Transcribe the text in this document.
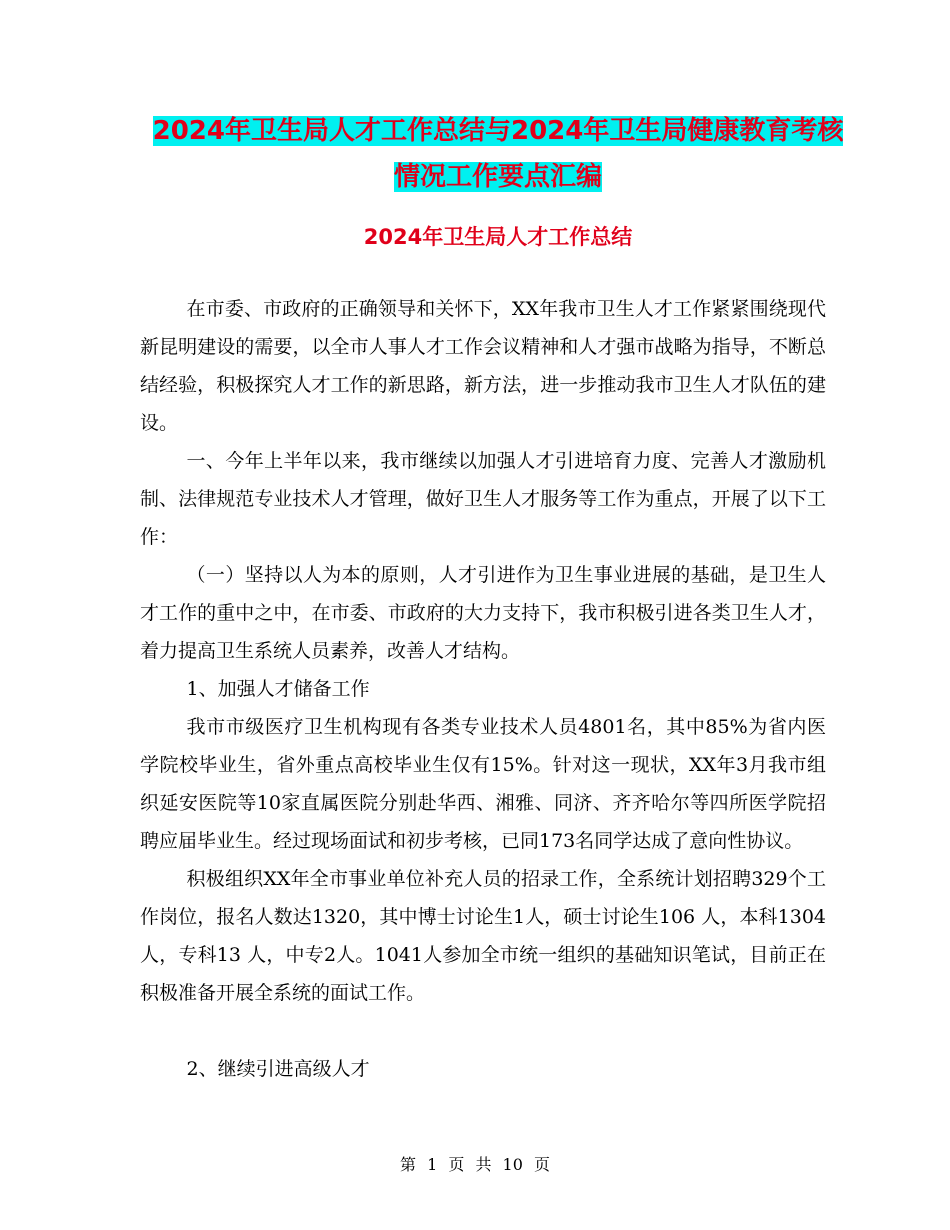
2024年卫生局人才工作总结与2024年卫生局健康教育考核情况工作要点汇编
2024年卫生局人才工作总结

在市委、市政府的正确领导和关怀下，XX年我市卫生人才工作紧紧围绕现代新昆明建设的需要，以全市人事人才工作会议精神和人才强市战略为指导，不断总结经验，积极探究人才工作的新思路，新方法，进一步推动我市卫生人才队伍的建设。

一、今年上半年以来，我市继续以加强人才引进培育力度、完善人才激励机制、法律规范专业技术人才管理，做好卫生人才服务等工作为重点，开展了以下工作：

（一）坚持以人为本的原则，人才引进作为卫生事业进展的基础，是卫生人才工作的重中之中，在市委、市政府的大力支持下，我市积极引进各类卫生人才，着力提高卫生系统人员素养，改善人才结构。

1、加强人才储备工作

我市市级医疗卫生机构现有各类专业技术人员4801名，其中85%为省内医学院校毕业生，省外重点高校毕业生仅有15%。针对这一现状，XX年3月我市组织延安医院等10家直属医院分别赴华西、湘雅、同济、齐齐哈尔等四所医学院招聘应届毕业生。经过现场面试和初步考核，已同173名同学达成了意向性协议。

积极组织XX年全市事业单位补充人员的招录工作，全系统计划招聘329个工作岗位，报名人数达1320，其中博士讨论生1人，硕士讨论生106 人，本科1304 人，专科13 人，中专2人。1041人参加全市统一组织的基础知识笔试，目前正在积极准备开展全系统的面试工作。

2、继续引进高级人才

第 1 页 共 10 页
